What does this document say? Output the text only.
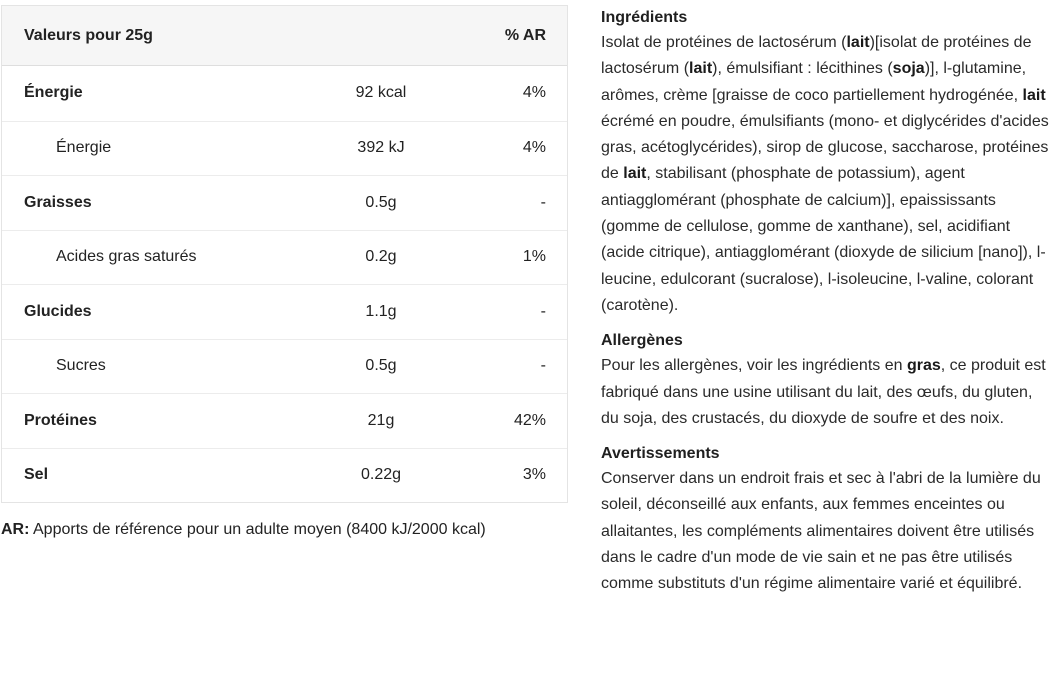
Valeurs pour 25g	% AR
Énergie	92 kcal	4%
Énergie	392 kJ	4%
Graisses	0.5g	-
Acides gras saturés	0.2g	1%
Glucides	1.1g	-
Sucres	0.5g	-
Protéines	21g	42%
Sel	0.22g	3%
AR: Apports de référence pour un adulte moyen (8400 kJ/2000 kcal)
Ingrédients

Isolat de protéines de lactosérum (lait)[isolat de protéines de lactosérum (lait), émulsifiant : lécithines (soja)], l-glutamine, arômes, crème [graisse de coco partiellement hydrogénée, lait écrémé en poudre, émulsifiants (mono- et diglycérides d'acides gras, acétoglycérides), sirop de glucose, saccharose, protéines de lait, stabilisant (phosphate de potassium), agent antiagglomérant (phosphate de calcium)], epaississants (gomme de cellulose, gomme de xanthane), sel, acidifiant (acide citrique), antiagglomérant (dioxyde de silicium [nano]), l-leucine, edulcorant (sucralose), l-isoleucine, l-valine, colorant (carotène).

Allergènes

Pour les allergènes, voir les ingrédients en gras, ce produit est fabriqué dans une usine utilisant du lait, des œufs, du gluten, du soja, des crustacés, du dioxyde de soufre et des noix.

Avertissements

Conserver dans un endroit frais et sec à l'abri de la lumière du soleil, déconseillé aux enfants, aux femmes enceintes ou allaitantes, les compléments alimentaires doivent être utilisés dans le cadre d'un mode de vie sain et ne pas être utilisés comme substituts d'un régime alimentaire varié et équilibré.
